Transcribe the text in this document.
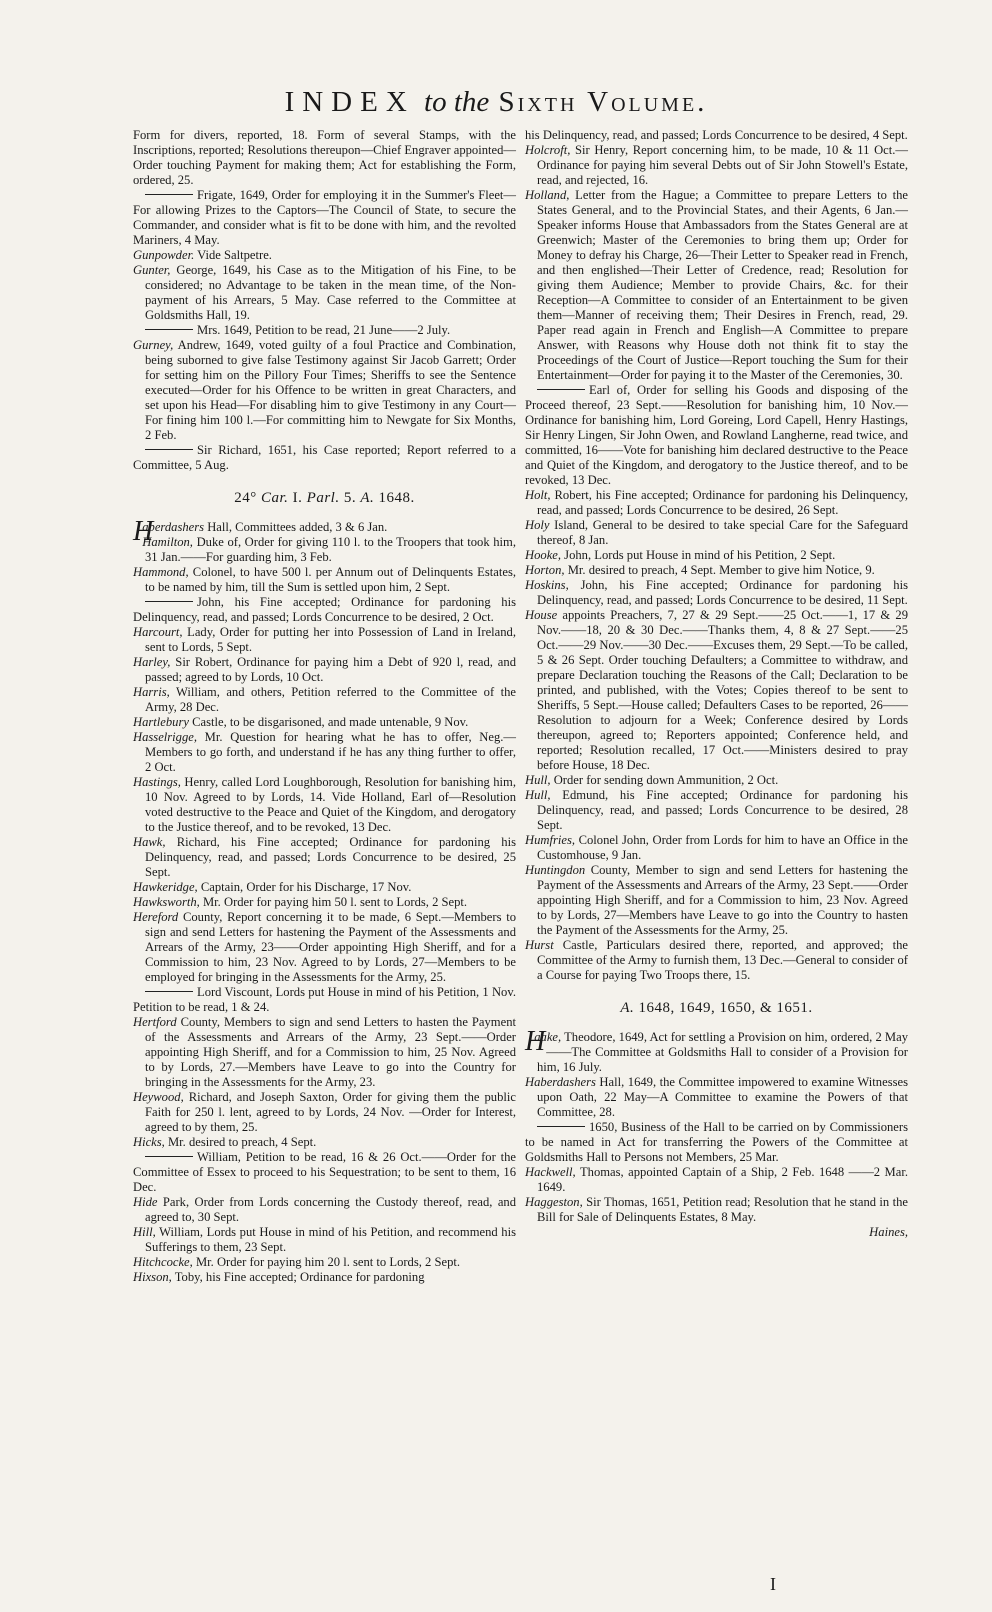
INDEX to the Sixth Volume.

Form for divers, reported, 18. Form of several Stamps, with the Inscriptions, reported; Resolutions thereupon—Chief Engraver appointed—Order touching Payment for making them; Act for establishing the Form, ordered, 25.

Frigate, 1649, Order for employing it in the Summer's Fleet—For allowing Prizes to the Captors—The Council of State, to secure the Commander, and consider what is fit to be done with him, and the revolted Mariners, 4 May.

Gunpowder. Vide Saltpetre.

Gunter, George, 1649, his Case as to the Mitigation of his Fine, to be considered; no Advantage to be taken in the mean time, of the Non-payment of his Arrears, 5 May. Case referred to the Committee at Goldsmiths Hall, 19.

Mrs. 1649, Petition to be read, 21 June——2 July.

Gurney, Andrew, 1649, voted guilty of a foul Practice and Combination, being suborned to give false Testimony against Sir Jacob Garrett; Order for setting him on the Pillory Four Times; Sheriffs to see the Sentence executed—Order for his Offence to be written in great Characters, and set upon his Head—For disabling him to give Testimony in any Court—For fining him 100 l.—For committing him to Newgate for Six Months, 2 Feb.

Sir Richard, 1651, his Case reported; Report referred to a Committee, 5 Aug.

24° Car. I. Parl. 5. A. 1648.

Haberdashers Hall, Committees added, 3 & 6 Jan.

Hamilton, Duke of, Order for giving 110 l. to the Troopers that took him, 31 Jan.——For guarding him, 3 Feb.

Hammond, Colonel, to have 500 l. per Annum out of Delinquents Estates, to be named by him, till the Sum is settled upon him, 2 Sept.

John, his Fine accepted; Ordinance for pardoning his Delinquency, read, and passed; Lords Concurrence to be desired, 2 Oct.

Harcourt, Lady, Order for putting her into Possession of Land in Ireland, sent to Lords, 5 Sept.

Harley, Sir Robert, Ordinance for paying him a Debt of 920 l, read, and passed; agreed to by Lords, 10 Oct.

Harris, William, and others, Petition referred to the Committee of the Army, 28 Dec.

Hartlebury Castle, to be disgarisoned, and made untenable, 9 Nov.

Hasselrigge, Mr. Question for hearing what he has to offer, Neg.—Members to go forth, and understand if he has any thing further to offer, 2 Oct.

Hastings, Henry, called Lord Loughborough, Resolution for banishing him, 10 Nov. Agreed to by Lords, 14. Vide Holland, Earl of—Resolution voted destructive to the Peace and Quiet of the Kingdom, and derogatory to the Justice thereof, and to be revoked, 13 Dec.

Hawk, Richard, his Fine accepted; Ordinance for pardoning his Delinquency, read, and passed; Lords Concurrence to be desired, 25 Sept.

Hawkeridge, Captain, Order for his Discharge, 17 Nov.

Hawksworth, Mr. Order for paying him 50 l. sent to Lords, 2 Sept.

Hereford County, Report concerning it to be made, 6 Sept.—Members to sign and send Letters for hastening the Payment of the Assessments and Arrears of the Army, 23——Order appointing High Sheriff, and for a Commission to him, 23 Nov. Agreed to by Lords, 27—Members to be employed for bringing in the Assessments for the Army, 25.

Lord Viscount, Lords put House in mind of his Petition, 1 Nov. Petition to be read, 1 & 24.

Hertford County, Members to sign and send Letters to hasten the Payment of the Assessments and Arrears of the Army, 23 Sept.——Order appointing High Sheriff, and for a Commission to him, 25 Nov. Agreed to by Lords, 27.—Members have Leave to go into the Country for bringing in the Assessments for the Army, 23.

Heywood, Richard, and Joseph Saxton, Order for giving them the public Faith for 250 l. lent, agreed to by Lords, 24 Nov. —Order for Interest, agreed to by them, 25.

Hicks, Mr. desired to preach, 4 Sept.

William, Petition to be read, 16 & 26 Oct.——Order for the Committee of Essex to proceed to his Sequestration; to be sent to them, 16 Dec.

Hide Park, Order from Lords concerning the Custody thereof, read, and agreed to, 30 Sept.

Hill, William, Lords put House in mind of his Petition, and recommend his Sufferings to them, 23 Sept.

Hitchcocke, Mr. Order for paying him 20 l. sent to Lords, 2 Sept.

Hixson, Toby, his Fine accepted; Ordinance for pardoning

his Delinquency, read, and passed; Lords Concurrence to be desired, 4 Sept.

Holcroft, Sir Henry, Report concerning him, to be made, 10 & 11 Oct.—Ordinance for paying him several Debts out of Sir John Stowell's Estate, read, and rejected, 16.

Holland, Letter from the Hague; a Committee to prepare Letters to the States General, and to the Provincial States, and their Agents, 6 Jan.—Speaker informs House that Ambassadors from the States General are at Greenwich; Master of the Ceremonies to bring them up; Order for Money to defray his Charge, 26—Their Letter to Speaker read in French, and then englished—Their Letter of Credence, read; Resolution for giving them Audience; Member to provide Chairs, &c. for their Reception—A Committee to consider of an Entertainment to be given them—Manner of receiving them; Their Desires in French, read, 29. Paper read again in French and English—A Committee to prepare Answer, with Reasons why House doth not think fit to stay the Proceedings of the Court of Justice—Report touching the Sum for their Entertainment—Order for paying it to the Master of the Ceremonies, 30.

Earl of, Order for selling his Goods and disposing of the Proceed thereof, 23 Sept.——Resolution for banishing him, 10 Nov.—Ordinance for banishing him, Lord Goreing, Lord Capell, Henry Hastings, Sir Henry Lingen, Sir John Owen, and Rowland Langherne, read twice, and committed, 16——Vote for banishing him declared destructive to the Peace and Quiet of the Kingdom, and derogatory to the Justice thereof, and to be revoked, 13 Dec.

Holt, Robert, his Fine accepted; Ordinance for pardoning his Delinquency, read, and passed; Lords Concurrence to be desired, 26 Sept.

Holy Island, General to be desired to take special Care for the Safeguard thereof, 8 Jan.

Hooke, John, Lords put House in mind of his Petition, 2 Sept.

Horton, Mr. desired to preach, 4 Sept. Member to give him Notice, 9.

Hoskins, John, his Fine accepted; Ordinance for pardoning his Delinquency, read, and passed; Lords Concurrence to be desired, 11 Sept.

House appoints Preachers, 7, 27 & 29 Sept.——25 Oct.——1, 17 & 29 Nov.——18, 20 & 30 Dec.——Thanks them, 4, 8 & 27 Sept.——25 Oct.——29 Nov.——30 Dec.——Excuses them, 29 Sept.—To be called, 5 & 26 Sept. Order touching Defaulters; a Committee to withdraw, and prepare Declaration touching the Reasons of the Call; Declaration to be printed, and published, with the Votes; Copies thereof to be sent to Sheriffs, 5 Sept.—House called; Defaulters Cases to be reported, 26——Resolution to adjourn for a Week; Conference desired by Lords thereupon, agreed to; Reporters appointed; Conference held, and reported; Resolution recalled, 17 Oct.——Ministers desired to pray before House, 18 Dec.

Hull, Order for sending down Ammunition, 2 Oct.

Hull, Edmund, his Fine accepted; Ordinance for pardoning his Delinquency, read, and passed; Lords Concurrence to be desired, 28 Sept.

Humfries, Colonel John, Order from Lords for him to have an Office in the Customhouse, 9 Jan.

Huntingdon County, Member to sign and send Letters for hastening the Payment of the Assessments and Arrears of the Army, 23 Sept.——Order appointing High Sheriff, and for a Commission to him, 23 Nov. Agreed to by Lords, 27—Members have Leave to go into the Country to hasten the Payment of the Assessments for the Army, 25.

Hurst Castle, Particulars desired there, reported, and approved; the Committee of the Army to furnish them, 13 Dec.—General to consider of a Course for paying Two Troops there, 15.

A. 1648, 1649, 1650, & 1651.

Haake, Theodore, 1649, Act for settling a Provision on him, ordered, 2 May——The Committee at Goldsmiths Hall to consider of a Provision for him, 16 July.

Haberdashers Hall, 1649, the Committee impowered to examine Witnesses upon Oath, 22 May—A Committee to examine the Powers of that Committee, 28.

1650, Business of the Hall to be carried on by Commissioners to be named in Act for transferring the Powers of the Committee at Goldsmiths Hall to Persons not Members, 25 Mar.

Hackwell, Thomas, appointed Captain of a Ship, 2 Feb. 1648 ——2 Mar. 1649.

Haggeston, Sir Thomas, 1651, Petition read; Resolution that he stand in the Bill for Sale of Delinquents Estates, 8 May.

Haines,
I
